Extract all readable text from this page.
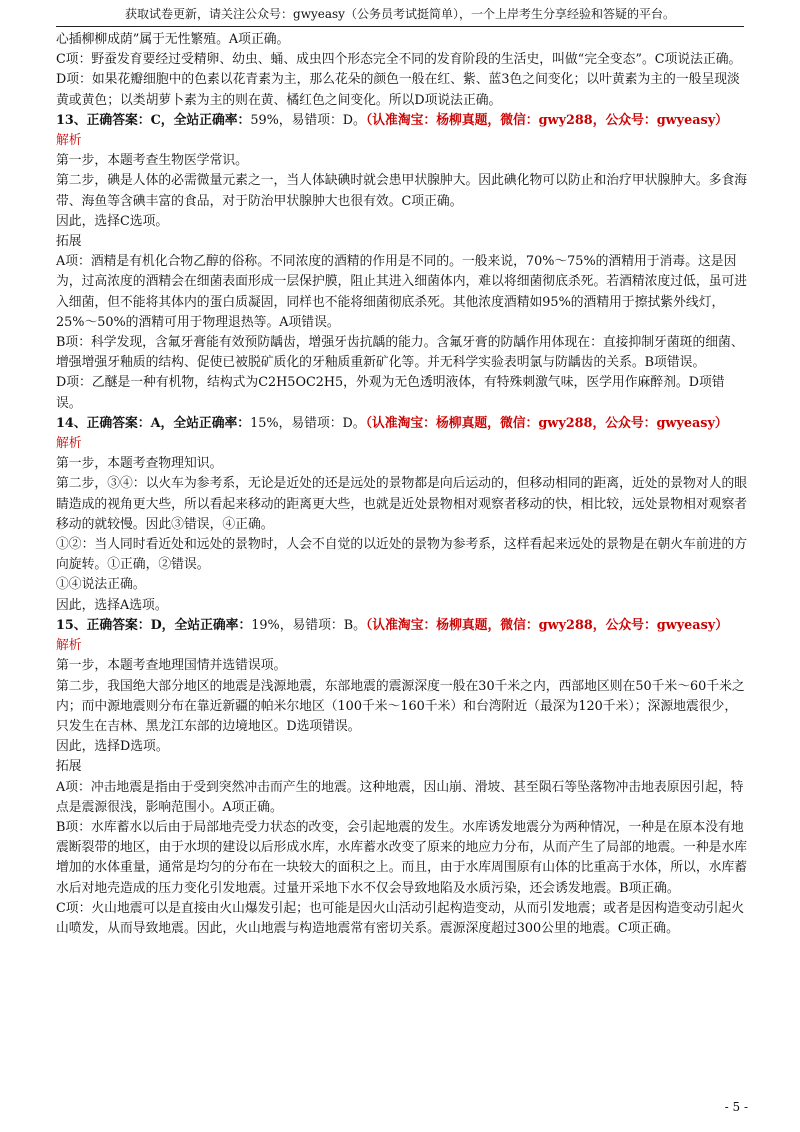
获取试卷更新，请关注公众号：gwyeasy（公务员考试挺简单），一个上岸考生分享经验和答疑的平台。

心插柳柳成荫”属于无性繁殖。A项正确。

C项：野蚕发育要经过受精卵、幼虫、蛹、成虫四个形态完全不同的发育阶段的生活史，叫做“完全变态”。C项说法正确。

D项：如果花瓣细胞中的色素以花青素为主，那么花朵的颜色一般在红、紫、蓝3色之间变化；以叶黄素为主的一般呈现淡黄或黄色；以类胡萝卜素为主的则在黄、橘红色之间变化。所以D项说法正确。

13、正确答案：C，全站正确率：59%，易错项：D。（认准淘宝：杨柳真题，微信：gwy288，公众号：gwyeasy）

解析

第一步，本题考查生物医学常识。

第二步，碘是人体的必需微量元素之一，当人体缺碘时就会患甲状腺肿大。因此碘化物可以防止和治疗甲状腺肿大。多食海带、海鱼等含碘丰富的食品，对于防治甲状腺肿大也很有效。C项正确。

因此，选择C选项。

拓展

A项：酒精是有机化合物乙醇的俗称。不同浓度的酒精的作用是不同的。一般来说，70%～75%的酒精用于消毒。这是因为，过高浓度的酒精会在细菌表面形成一层保护膜，阻止其进入细菌体内，难以将细菌彻底杀死。若酒精浓度过低，虽可进入细菌，但不能将其体内的蛋白质凝固，同样也不能将细菌彻底杀死。其他浓度酒精如95%的酒精用于擦拭紫外线灯，25%～50%的酒精可用于物理退热等。A项错误。

B项：科学发现，含氟牙膏能有效预防龋齿，增强牙齿抗龋的能力。含氟牙膏的防龋作用体现在：直接抑制牙菌斑的细菌、增强增强牙釉质的结构、促使已被脱矿质化的牙釉质重新矿化等。并无科学实验表明氯与防龋齿的关系。B项错误。

D项：乙醚是一种有机物，结构式为C2H5OC2H5，外观为无色透明液体，有特殊刺激气味，医学用作麻醉剂。D项错误。

14、正确答案：A，全站正确率：15%，易错项：D。（认准淘宝：杨柳真题，微信：gwy288，公众号：gwyeasy）

解析

第一步，本题考查物理知识。

第二步，③④：以火车为参考系，无论是近处的还是远处的景物都是向后运动的，但移动相同的距离，近处的景物对人的眼睛造成的视角更大些，所以看起来移动的距离更大些，也就是近处景物相对观察者移动的快，相比较，远处景物相对观察者移动的就较慢。因此③错误，④正确。

①②：当人同时看近处和远处的景物时，人会不自觉的以近处的景物为参考系，这样看起来远处的景物是在朝火车前进的方向旋转。①正确，②错误。

①④说法正确。

因此，选择A选项。

15、正确答案：D，全站正确率：19%，易错项：B。（认准淘宝：杨柳真题，微信：gwy288，公众号：gwyeasy）

解析

第一步，本题考查地理国情并选错误项。

第二步，我国绝大部分地区的地震是浅源地震，东部地震的震源深度一般在30千米之内，西部地区则在50千米～60千米之内；而中源地震则分布在靠近新疆的帕米尔地区（100千米～160千米）和台湾附近（最深为120千米）；深源地震很少，只发生在吉林、黑龙江东部的边境地区。D选项错误。

因此，选择D选项。

拓展

A项：冲击地震是指由于受到突然冲击而产生的地震。这种地震，因山崩、滑坡、甚至陨石等坠落物冲击地表原因引起，特点是震源很浅，影响范围小。A项正确。

B项：水库蓄水以后由于局部地壳受力状态的改变，会引起地震的发生。水库诱发地震分为两种情况，一种是在原本没有地震断裂带的地区，由于水坝的建设以后形成水库，水库蓄水改变了原来的地应力分布，从而产生了局部的地震。一种是水库增加的水体重量，通常是均匀的分布在一块较大的面积之上。而且，由于水库周围原有山体的比重高于水体，所以，水库蓄水后对地壳造成的压力变化引发地震。过量开采地下水不仅会导致地陷及水质污染，还会诱发地震。B项正确。

C项：火山地震可以是直接由火山爆发引起；也可能是因火山活动引起构造变动，从而引发地震；或者是因构造变动引起火山喷发，从而导致地震。因此，火山地震与构造地震常有密切关系。震源深度超过300公里的地震。C项正确。

- 5 -
